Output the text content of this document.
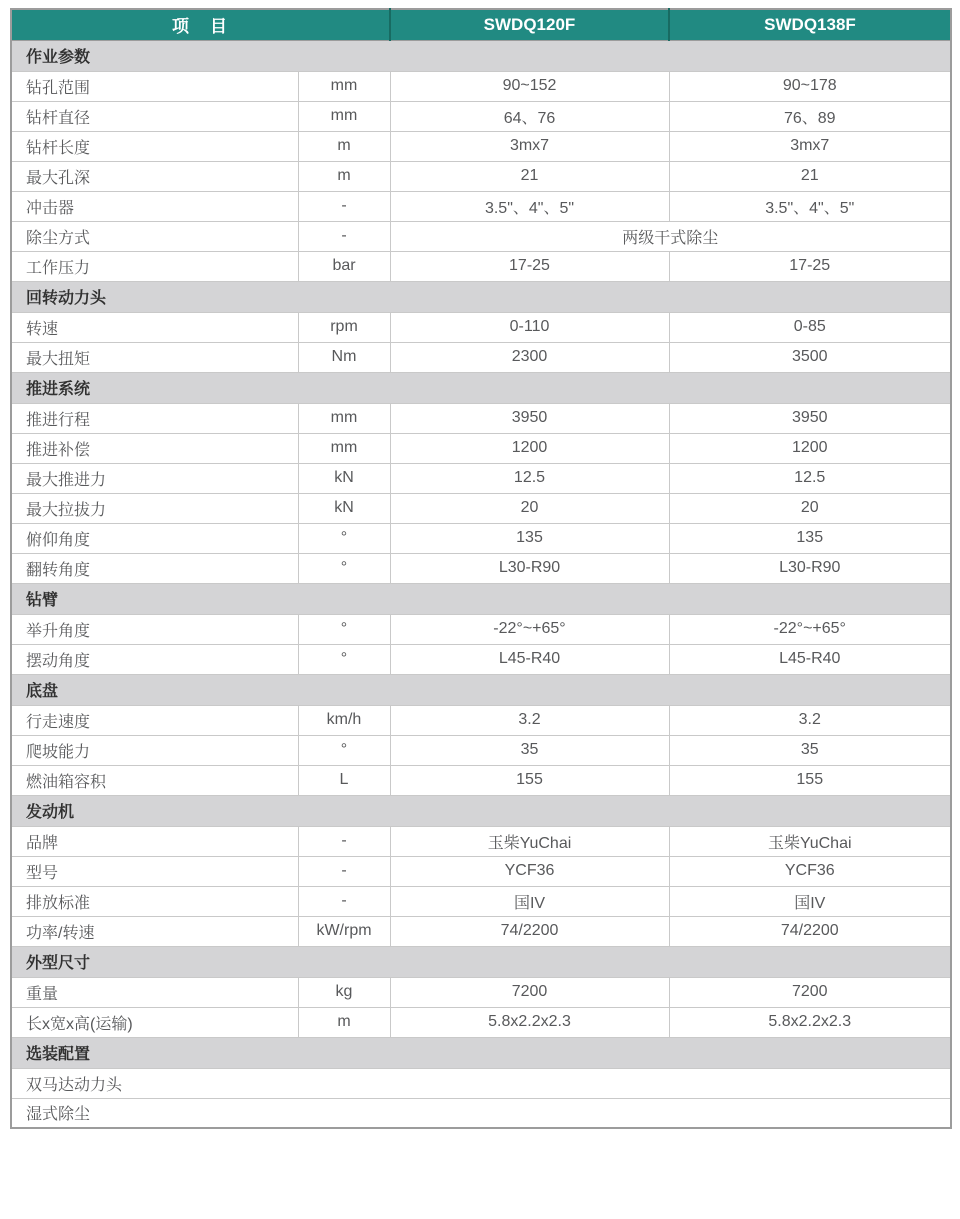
项　目		SWDQ120F	SWDQ138F
作业参数			
钻孔范围	mm	90~152	90~178
钻杆直径	mm	64、76	76、89
钻杆长度	m	3mx7	3mx7
最大孔深	m	21	21
冲击器	-	3.5"、4"、5"	3.5"、4"、5"
除尘方式	-	两级干式除尘	
工作压力	bar	17-25	17-25
回转动力头			
转速	rpm	0-110	0-85
最大扭矩	Nm	2300	3500
推进系统			
推进行程	mm	3950	3950
推进补偿	mm	1200	1200
最大推进力	kN	12.5	12.5
最大拉拔力	kN	20	20
俯仰角度	°	135	135
翻转角度	°	L30-R90	L30-R90
钻臂			
举升角度	°	-22°~+65°	-22°~+65°
摆动角度	°	L45-R40	L45-R40
底盘			
行走速度	km/h	3.2	3.2
爬坡能力	°	35	35
燃油箱容积	L	155	155
发动机			
品牌	-	玉柴YuChai	玉柴YuChai
型号	-	YCF36	YCF36
排放标准	-	国IV	国IV
功率/转速	kW/rpm	74/2200	74/2200
外型尺寸			
重量	kg	7200	7200
长x宽x高(运输)	m	5.8x2.2x2.3	5.8x2.2x2.3
选装配置			
双马达动力头			
湿式除尘			
